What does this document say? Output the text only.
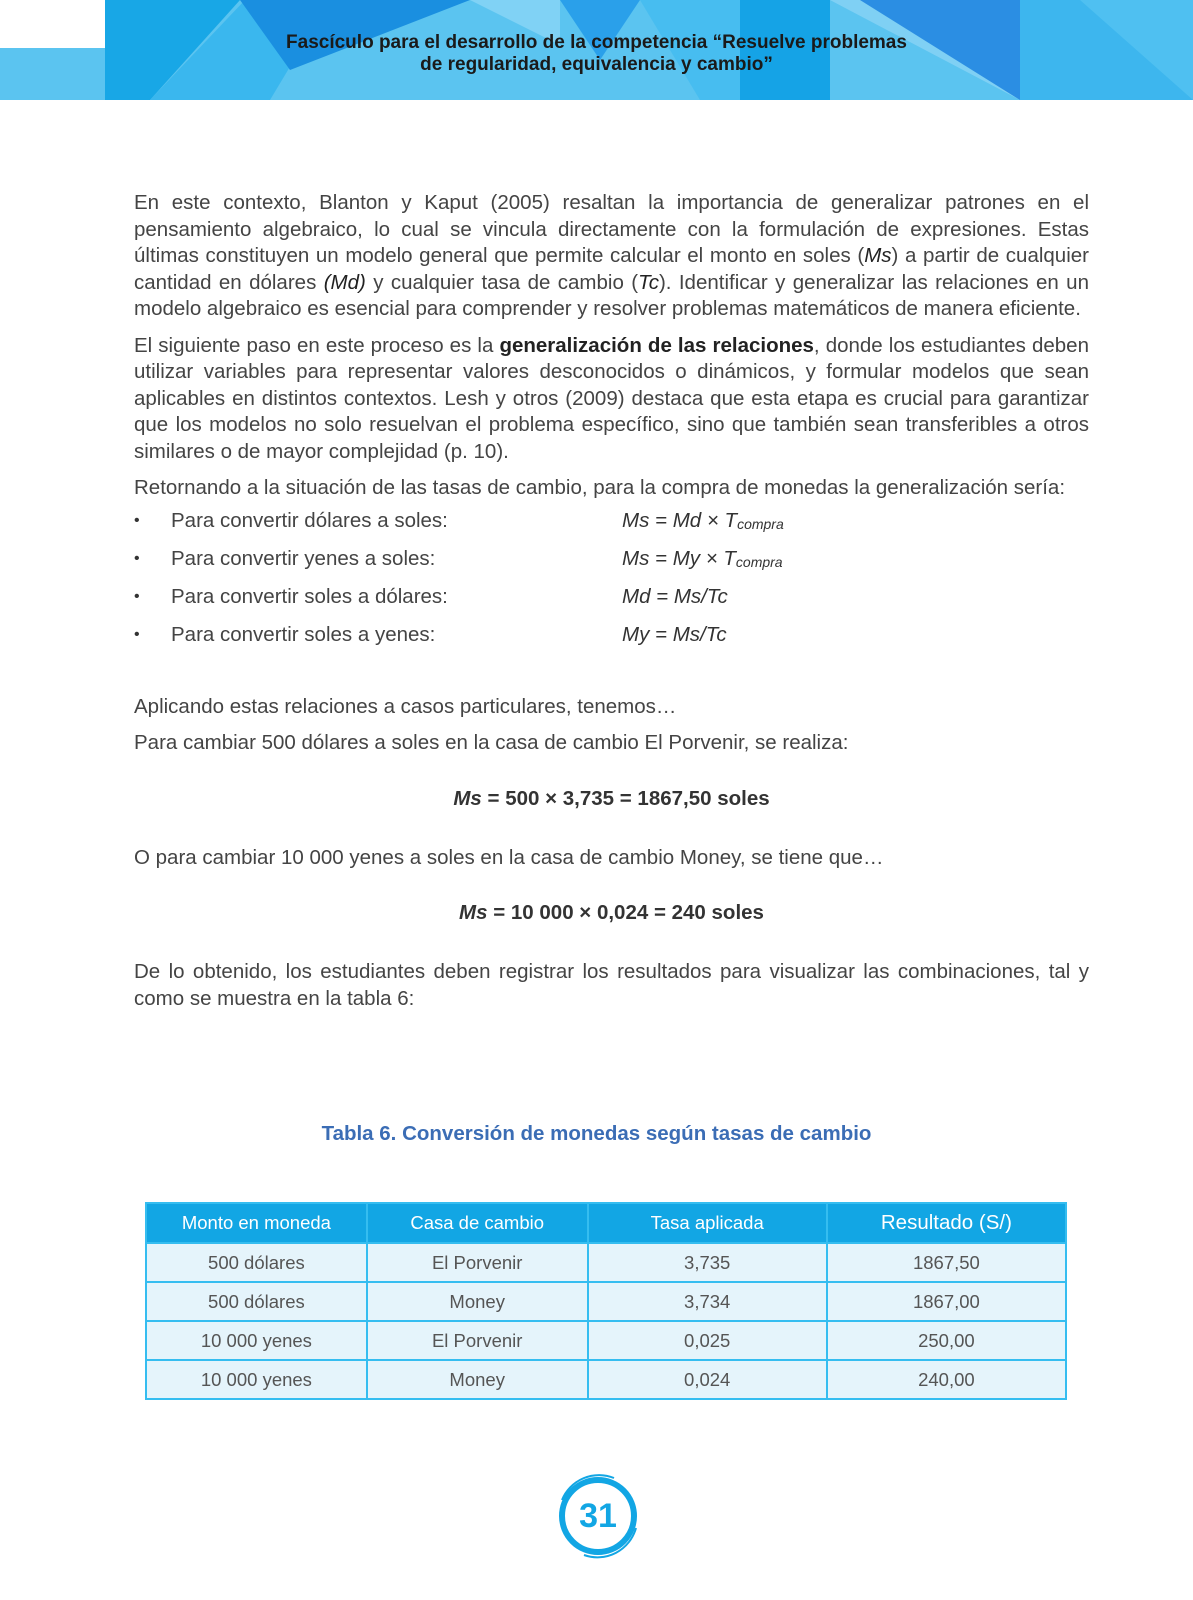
Fascículo para el desarrollo de la competencia “Resuelve problemas
de regularidad, equivalencia y cambio”

En este contexto, Blanton y Kaput (2005) resaltan la importancia de generalizar patrones en el pensamiento algebraico, lo cual se vincula directamente con la formulación de expresiones. Estas últimas constituyen un modelo general que permite calcular el monto en soles (Ms) a partir de cualquier cantidad en dólares (Md) y cualquier tasa de cambio (Tc). Identificar y generalizar las relaciones en un modelo algebraico es esencial para comprender y resolver problemas matemáticos de manera eficiente.

El siguiente paso en este proceso es la generalización de las relaciones, donde los estudiantes deben utilizar variables para representar valores desconocidos o dinámicos, y formular modelos que sean aplicables en distintos contextos. Lesh y otros (2009) destaca que esta etapa es crucial para garantizar que los modelos no solo resuelvan el problema específico, sino que también sean transferibles a otros similares o de mayor complejidad (p. 10).

Retornando a la situación de las tasas de cambio, para la compra de monedas la generalización sería:

• Para convertir dólares a soles:	$Ms = Md \times T_{compra}$
• Para convertir yenes a soles:	$Ms = My \times T_{compra}$
• Para convertir soles a dólares:	Md = Ms/Tc
• Para convertir soles a yenes:	My = Ms/Tc

Aplicando estas relaciones a casos particulares, tenemos…

Para cambiar 500 dólares a soles en la casa de cambio El Porvenir, se realiza:

Ms = 500 × 3,735 = 1867,50 soles

O para cambiar 10 000 yenes a soles en la casa de cambio Money, se tiene que…

Ms = 10 000 × 0,024 = 240 soles

De lo obtenido, los estudiantes deben registrar los resultados para visualizar las combinaciones, tal y como se muestra en la tabla 6:

Tabla 6. Conversión de monedas según tasas de cambio
Monto en moneda	Casa de cambio	Tasa aplicada	Resultado (S/)
500 dólares	El Porvenir	3,735	1867,50
500 dólares	Money	3,734	1867,00
10 000 yenes	El Porvenir	0,025	250,00
10 000 yenes	Money	0,024	240,00
31
